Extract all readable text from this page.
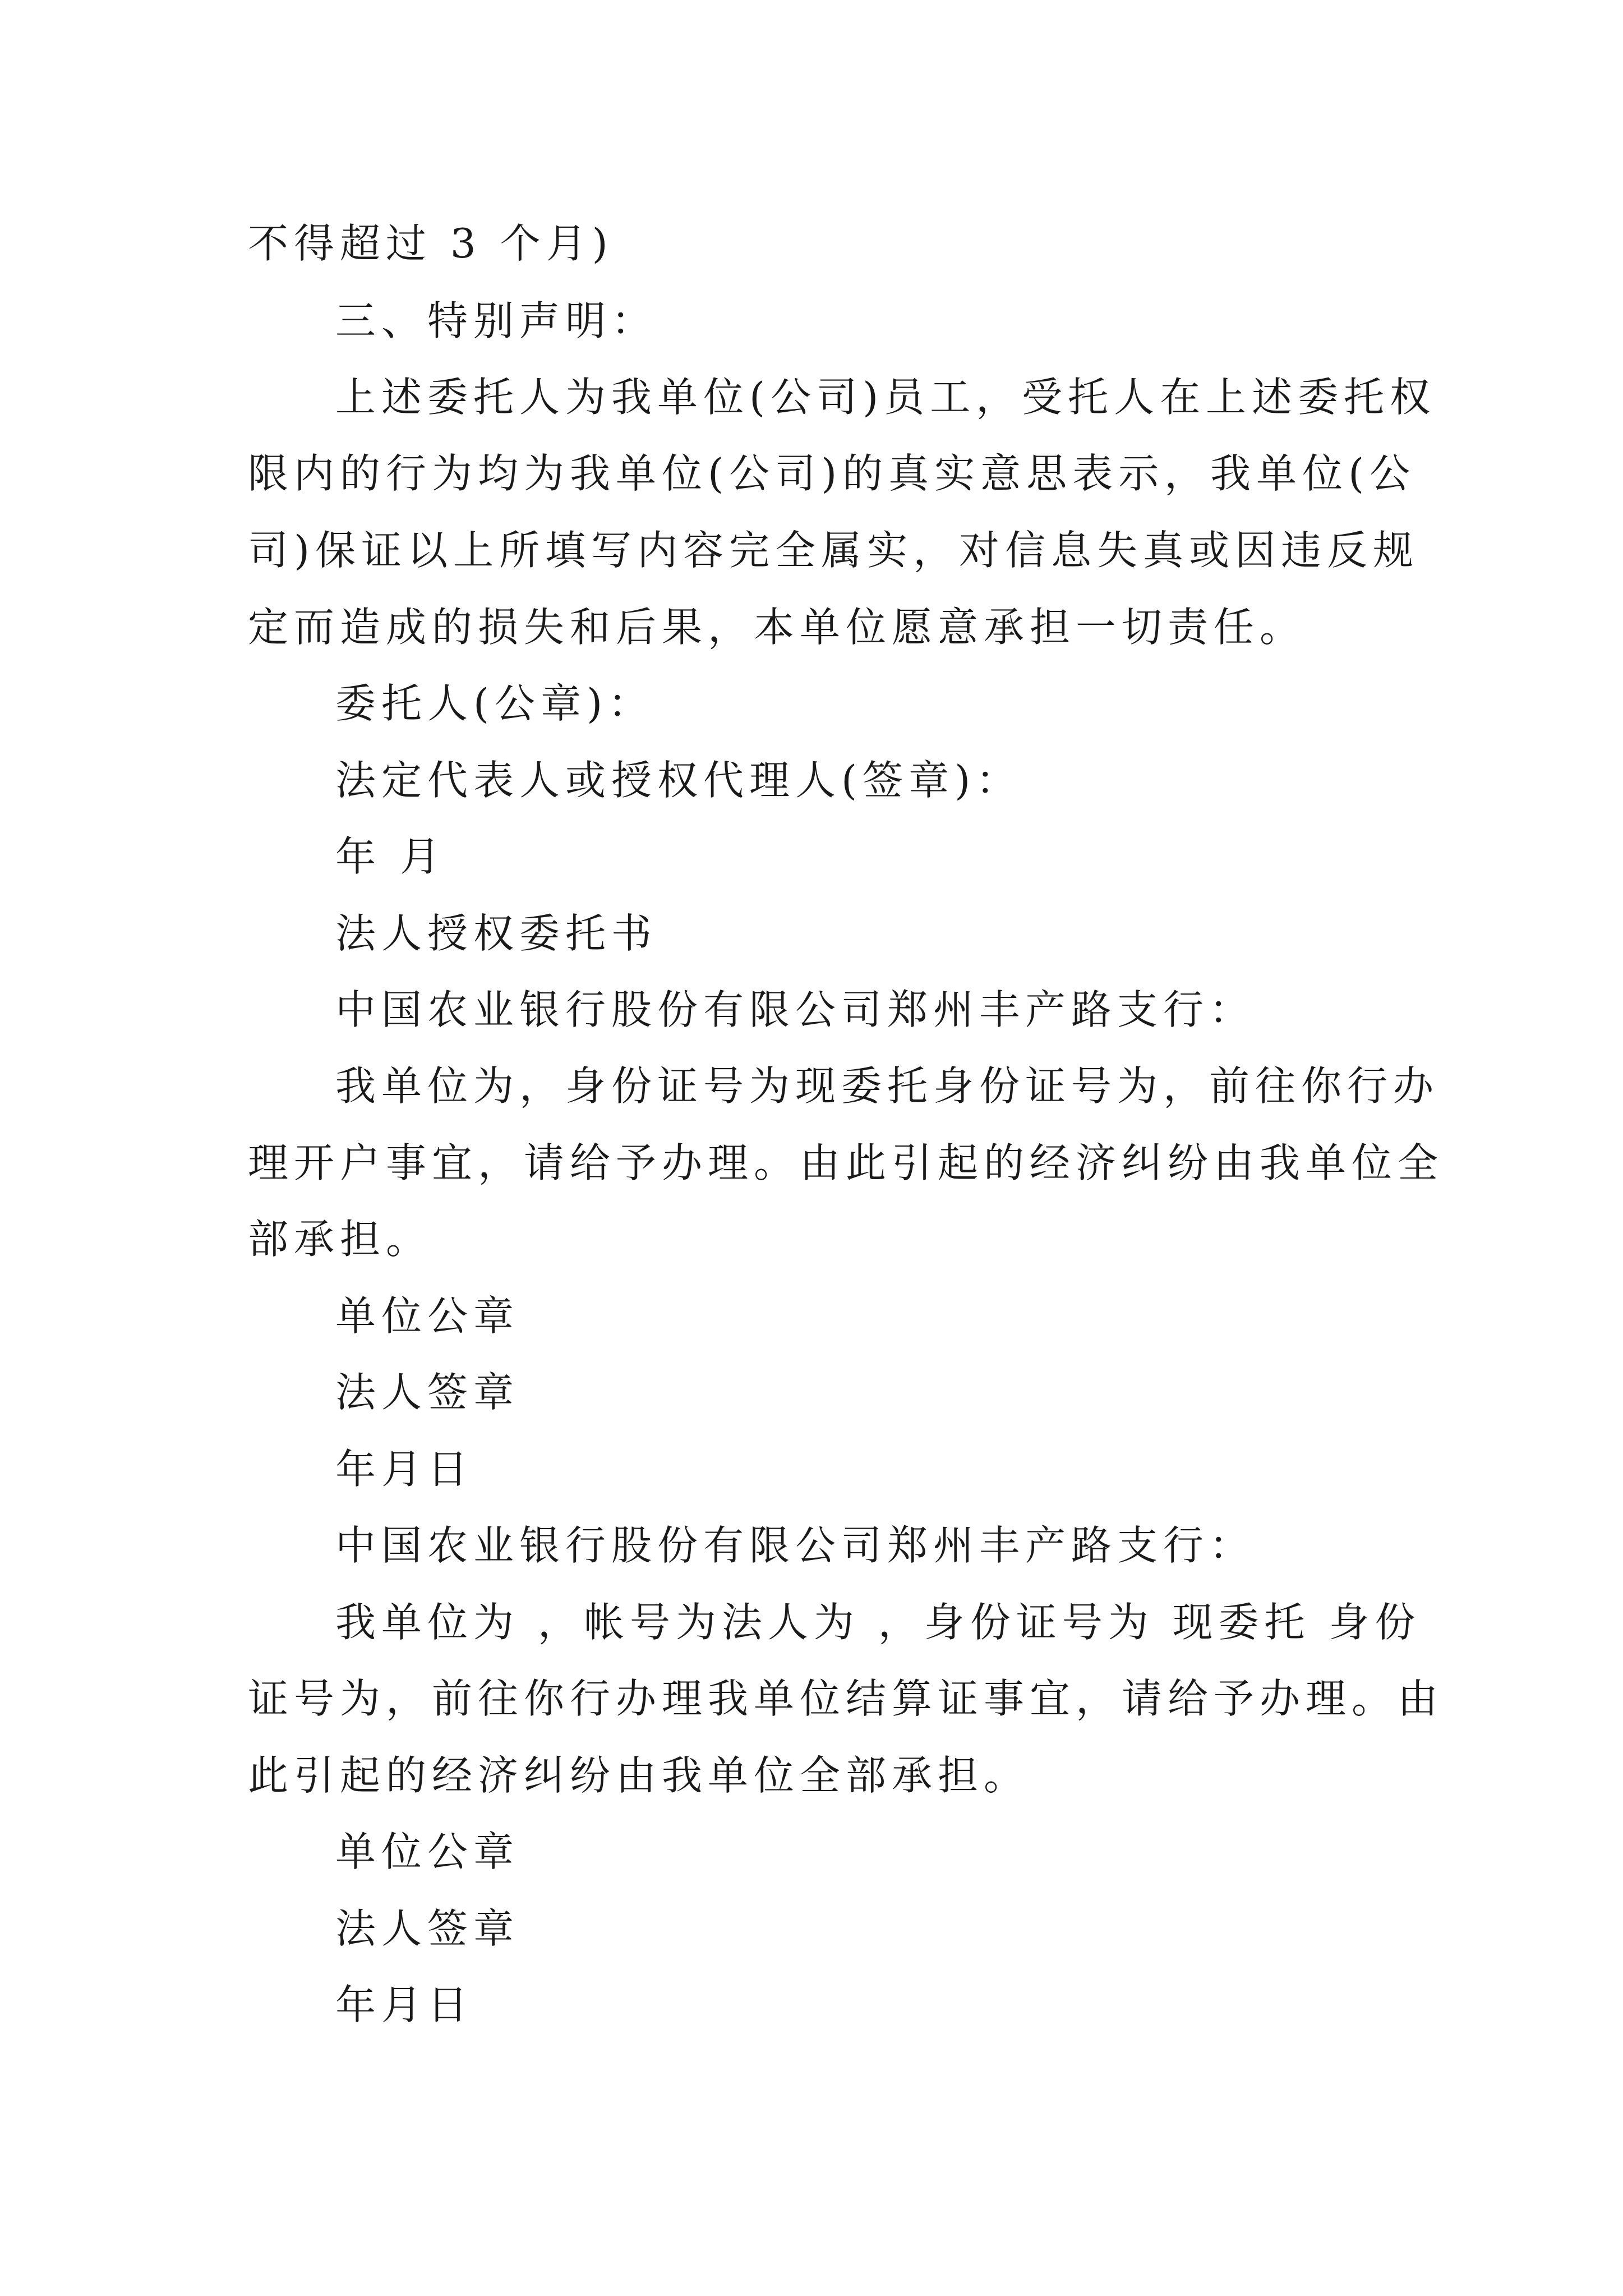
不得超过 3 个月)

三、特别声明：

上述委托人为我单位(公司)员工，受托人在上述委托权

限内的行为均为我单位(公司)的真实意思表示，我单位(公

司)保证以上所填写内容完全属实，对信息失真或因违反规

定而造成的损失和后果，本单位愿意承担一切责任。

委托人(公章)：

法定代表人或授权代理人(签章)：

年 月

法人授权委托书

中国农业银行股份有限公司郑州丰产路支行：

我单位为，身份证号为现委托身份证号为，前往你行办

理开户事宜，请给予办理。由此引起的经济纠纷由我单位全

部承担。

单位公章

法人签章

年月日

中国农业银行股份有限公司郑州丰产路支行：

我单位为 ，帐号为法人为 ，身份证号为 现委托 身份

证号为，前往你行办理我单位结算证事宜，请给予办理。由

此引起的经济纠纷由我单位全部承担。

单位公章

法人签章

年月日
